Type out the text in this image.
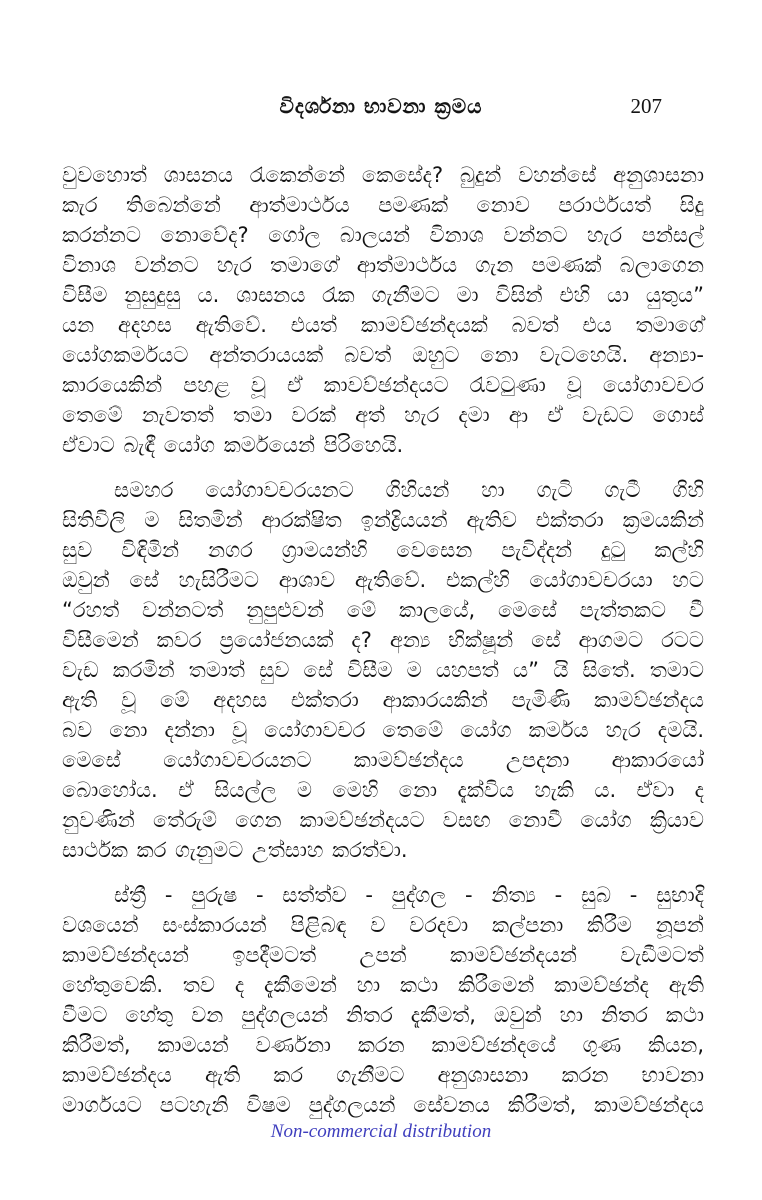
විදර්ශනා භාවනා ක්‍රමය	207
වුවහොත් ශාසනය රැකෙන්නේ කෙසේද? බුදුන් වහන්සේ අනුශාසනා
කැර තිබෙන්නේ ආත්මාර්ථය පමණක් නොව පරාර්ථයත් සිදු
කරන්නට නොවේද? ගෝල බාලයන් විනාශ වන්නට හැර පන්සල්
විනාශ වන්නට හැර තමාගේ ආත්මාර්ථය ගැන පමණක් බලාගෙන
විසීම නුසුදුසු ය. ශාසනය රැක ගැනීමට මා විසින් එහි යා යුතුය”
යන අදහස ඇතිවේ. එයත් කාමව්ඡන්දයක් බවත් එය තමාගේ
යෝගකර්මයට අන්තරායයක් බවත් ඔහුට නො වැටහෙයි. අන්‍යා-
කාරයෙකින් පහළ වූ ඒ කාවව්ඡන්දයට රැවටුණා වූ යෝගාවචර
තෙමේ නැවතත් තමා වරක් අත් හැර දමා ආ ඒ වැඩට ගොස්
ඒවාට බැඳී යෝග කර්මයෙන් පිරිහෙයි.
සමහර යෝගාවචරයනට ගිහියන් හා ගැටි ගැටී ගිහි
සිතිවිලි ම සිතමින් ආරක්ෂිත ඉන්ද්‍රියයන් ඇතිව එක්තරා ක්‍රමයකින්
සුව විඳිමින් නගර ග්‍රාමයන්හි වෙසෙන පැවිද්දන් දුටු කල්හි
ඔවුන් සේ හැසිරීමට ආශාව ඇතිවේ. එකල්හි යෝගාවචරයා හට
“රහත් වන්නටත් නුපුළුවන් මේ කාලයේ, මෙසේ පැත්තකට වී
විසීමෙන් කවර ප්‍රයෝජනයක් ද? අන්‍ය භික්ෂූන් සේ ආගමට රටට
වැඩ කරමින් තමාත් සුව සේ විසීම ම යහපත් ය” යි සිතේ. තමාට
ඇති වූ මේ අදහස එක්තරා ආකාරයකින් පැමිණි කාමව්ඡන්දය
බව නො දන්නා වූ යෝගාවචර තෙමේ යෝග කර්මය හැර දමයි.
මෙසේ යෝගාවචරයනට කාමව්ඡන්දය උපදනා ආකාරයෝ
බොහෝය. ඒ සියල්ල ම මෙහි නො දැක්විය හැකි ය. ඒවා ද
නුවණින් තේරුම් ගෙන කාමව්ඡන්දයට වසඟ නොවී යෝග ක්‍රියාව
සාර්ථක කර ගැනුමට උත්සාහ කරත්වා.
ස්ත්‍රී - පුරුෂ - සත්ත්ව - පුද්ගල - නිත්‍ය - සුබ - සුභාදි
වශයෙන් සංස්කාරයන් පිළිබඳ ව වරදවා කල්පනා කිරීම නූපන්
කාමව්ඡන්දයන් ඉපදීමටත් උපන් කාමව්ඡන්දයන් වැඩීමටත්
හේතුවෙකි. තව ද දැකීමෙන් හා කථා කිරීමෙන් කාමව්ඡන්ද ඇති
වීමට හේතු වන පුද්ගලයන් නිතර දැකීමත්, ඔවුන් හා නිතර කථා
කිරීමත්, කාමයන් වර්ණනා කරන කාමව්ඡන්දයේ ගුණ කියන,
කාමව්ඡන්දය ඇති කර ගැනීමට අනුශාසනා කරන භාවනා
මාර්ගයට පටහැනි විෂම පුද්ගලයන් සේවනය කිරීමත්, කාමව්ඡන්දය
Non-commercial distribution
